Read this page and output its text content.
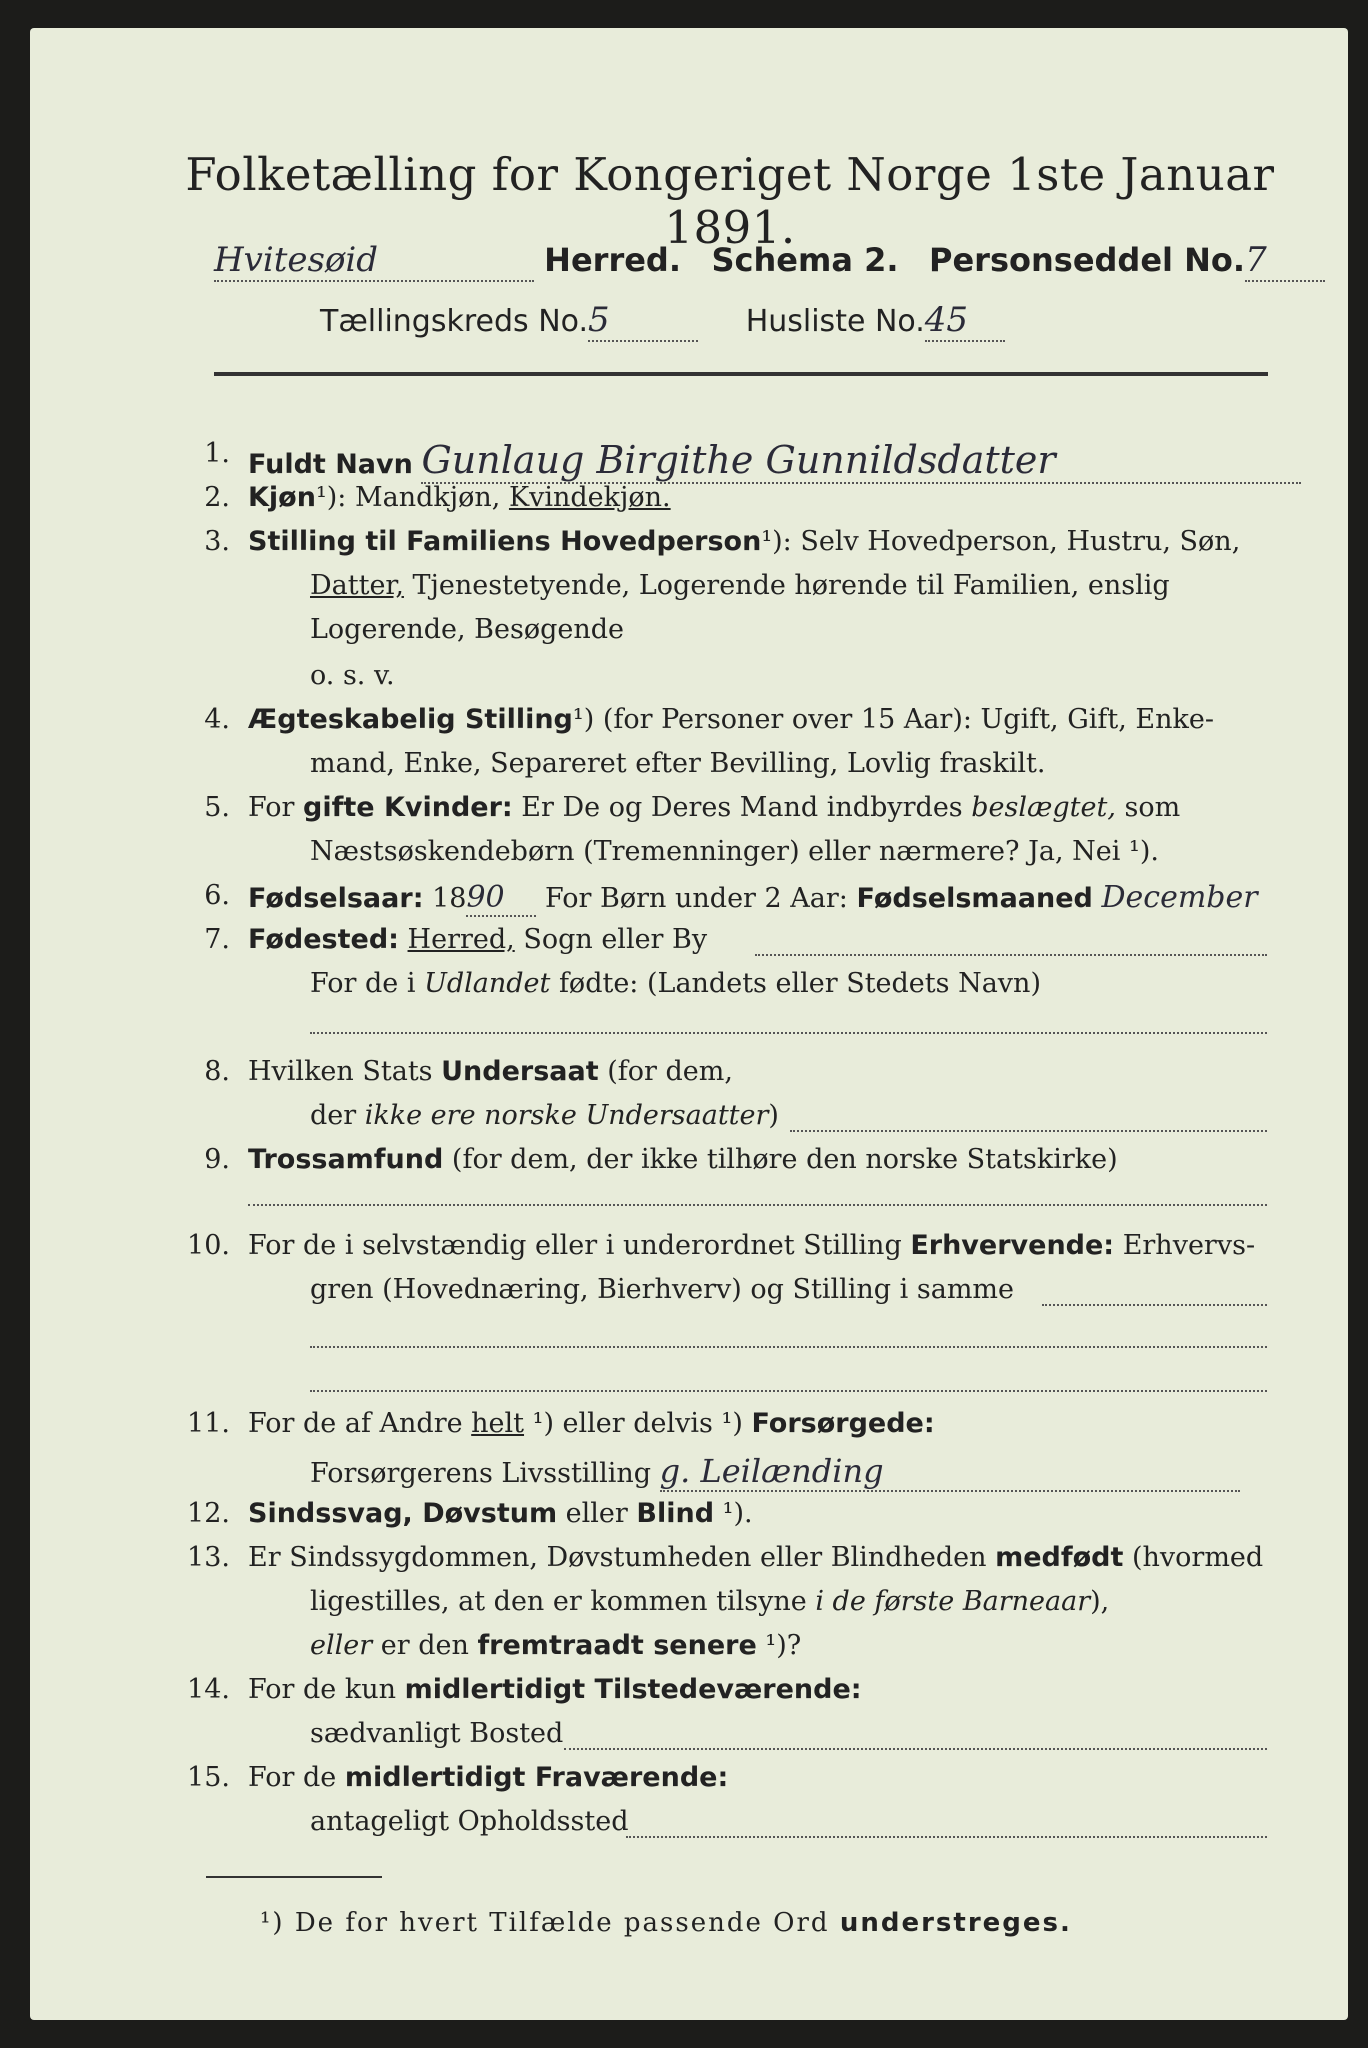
Folketælling for Kongeriget Norge 1ste Januar 1891.
Hvitesøid	Herred. Schema 2. Personseddel No.7
Tællingskreds No.5	Husliste No.45
1. Fuldt Navn Gunlaug Birgithe Gunnildsdatter
2. Kjøn¹): Mandkjøn, Kvindekjøn.
3. Stilling til Familiens Hovedperson¹): Selv Hovedperson, Hustru, Søn,
Datter, Tjenestetyende, Logerende hørende til Familien, enslig
Logerende, Besøgende
o. s. v.
4. Ægteskabelig Stilling¹) (for Personer over 15 Aar): Ugift, Gift, Enke-
mand, Enke, Separeret efter Bevilling, Lovlig fraskilt.
5. For gifte Kvinder: Er De og Deres Mand indbyrdes beslægtet, som
Næstsøskendebørn (Tremenninger) eller nærmere? Ja, Nei ¹).
6. Fødselsaar: 1890 For Børn under 2 Aar: Fødselsmaaned December
7. Fødested: Herred, Sogn eller By
For de i Udlandet fødte: (Landets eller Stedets Navn)
8. Hvilken Stats Undersaat (for dem,
der ikke ere norske Undersaatter)
9. Trossamfund (for dem, der ikke tilhøre den norske Statskirke)
10. For de i selvstændig eller i underordnet Stilling Erhvervende: Erhvervs-
gren (Hovednæring, Bierhverv) og Stilling i samme
11. For de af Andre helt ¹) eller delvis ¹) Forsørgede:
Forsørgerens Livsstilling g. Leilænding
12. Sindssvag, Døvstum eller Blind ¹).
13. Er Sindssygdommen, Døvstumheden eller Blindheden medfødt (hvormed
ligestilles, at den er kommen tilsyne i de første Barneaar),
eller er den fremtraadt senere ¹)?
14. For de kun midlertidigt Tilstedeværende:
sædvanligt Bosted
15. For de midlertidigt Fraværende:
antageligt Opholdssted
¹) De for hvert Tilfælde passende Ord understreges.
